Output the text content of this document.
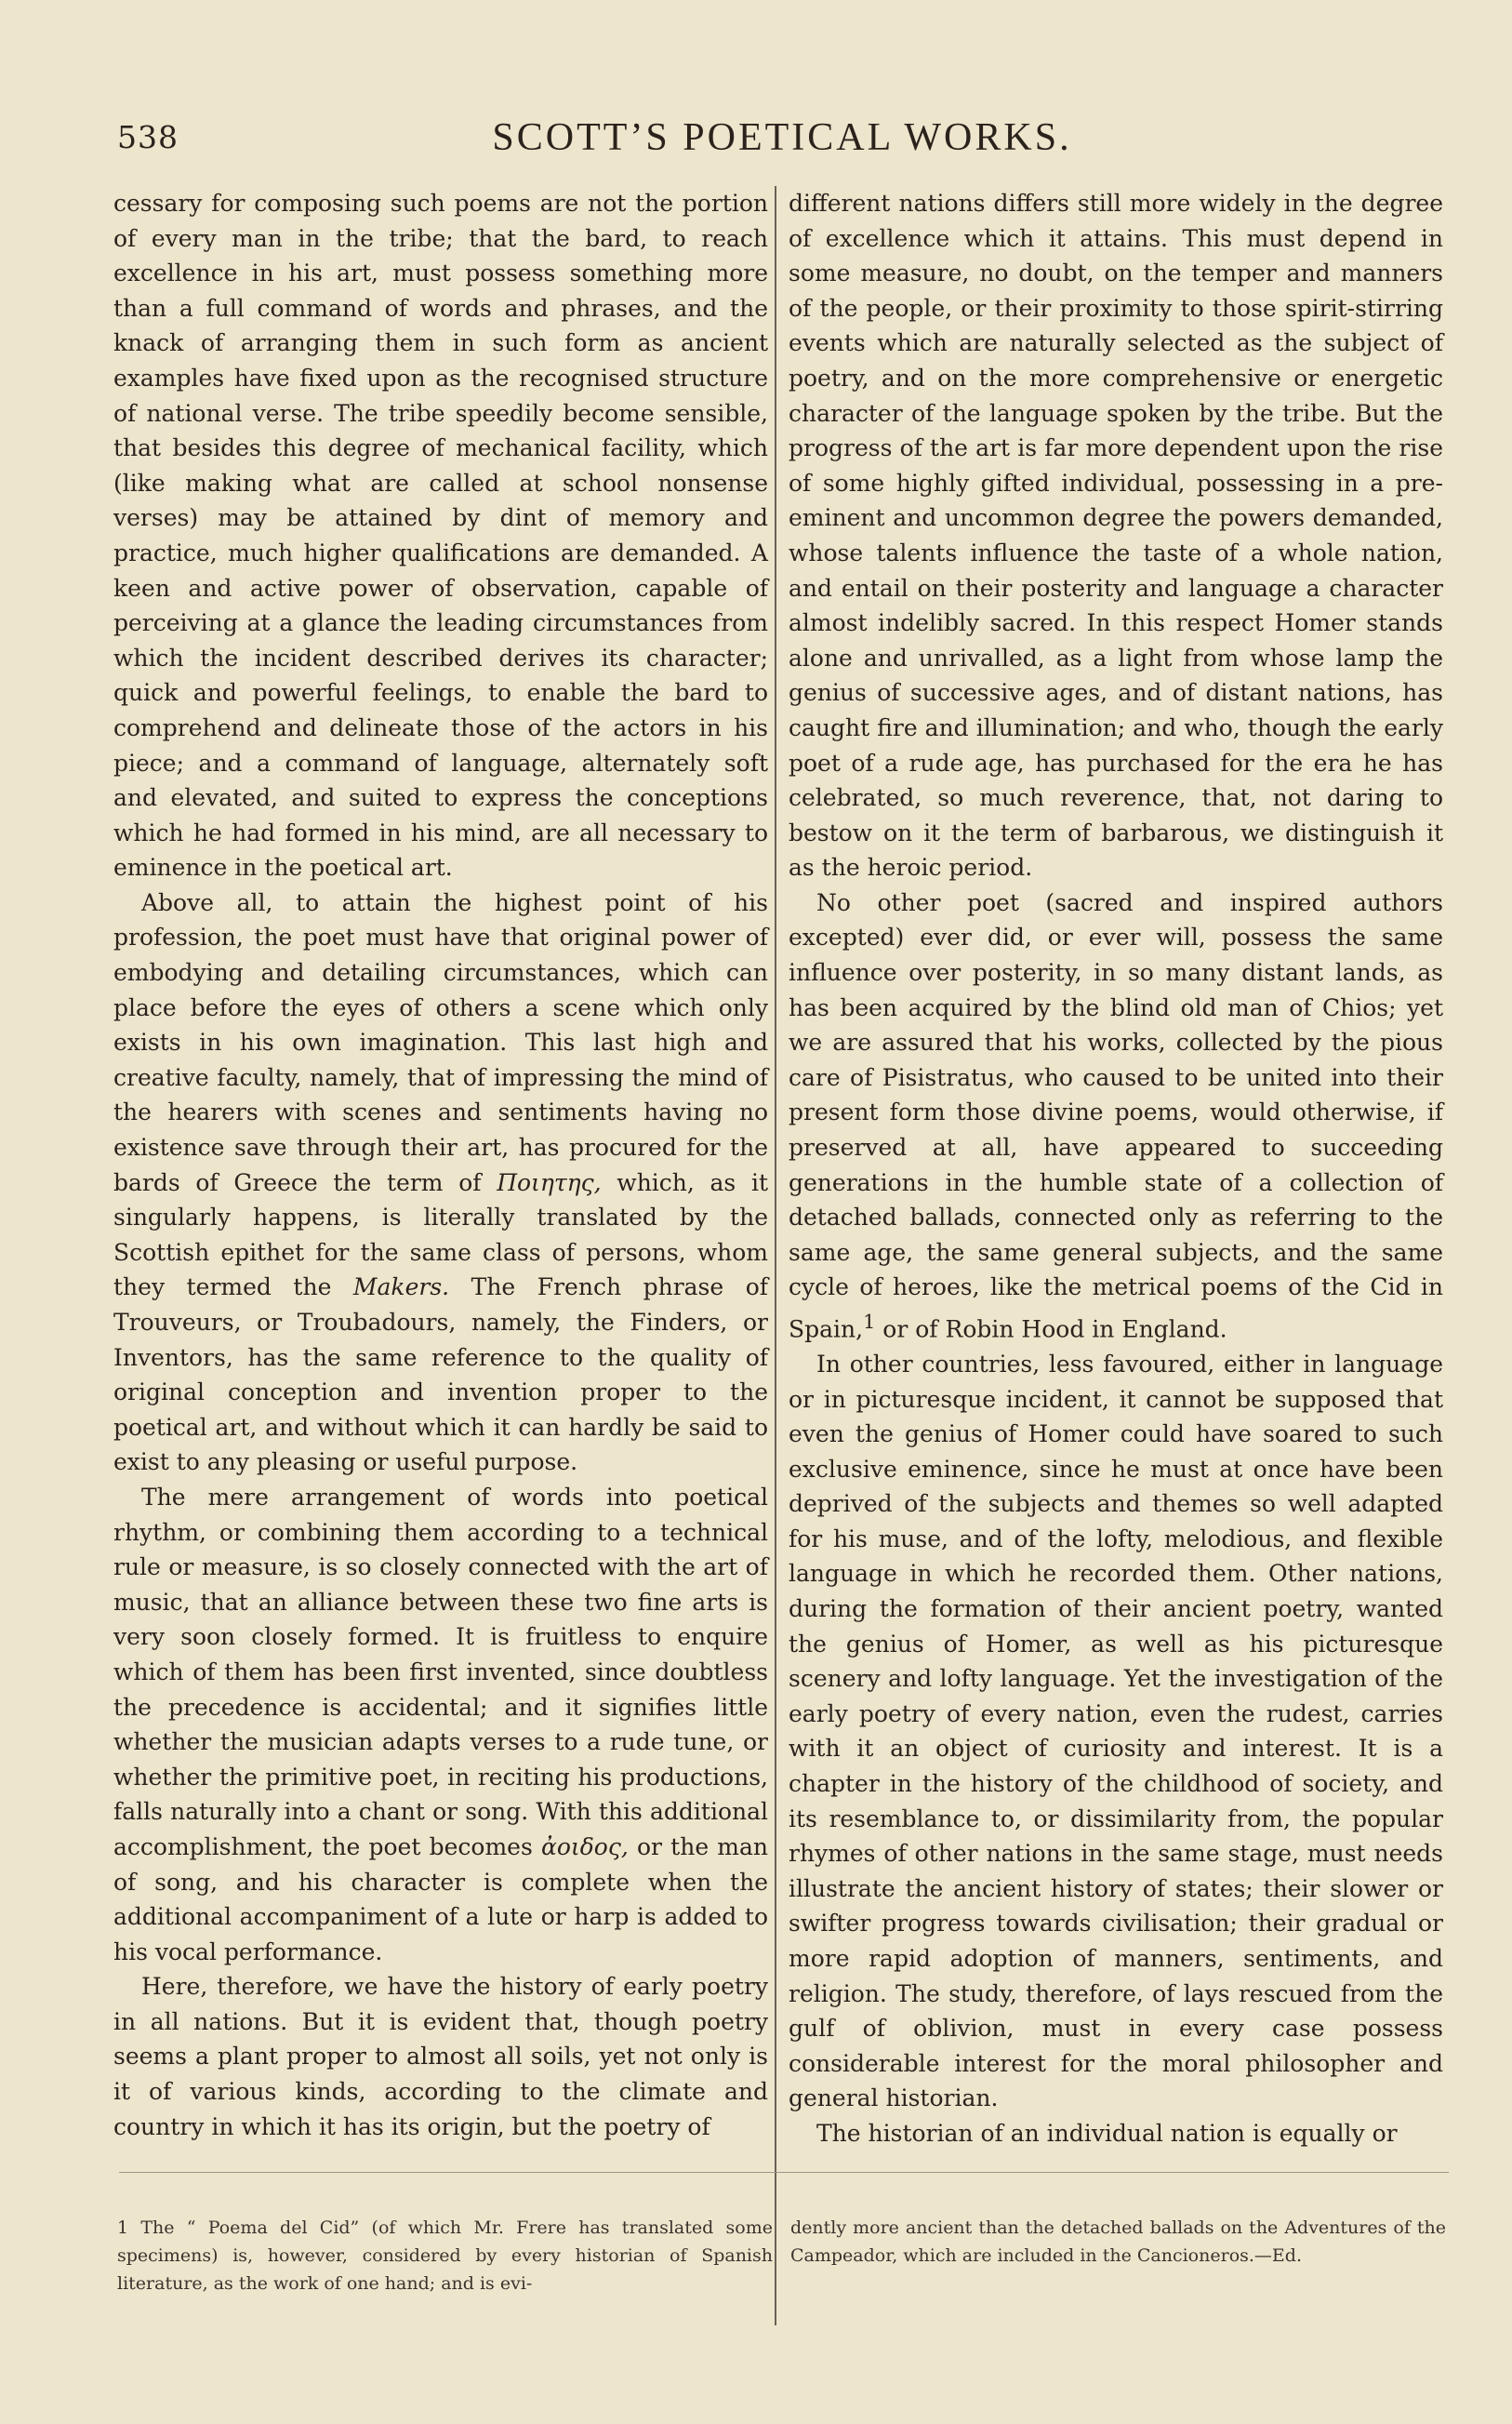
538	SCOTT’S POETICAL WORKS.

cessary for composing such poems are not the portion of every man in the tribe; that the bard, to reach excellence in his art, must possess something more than a full command of words and phrases, and the knack of arranging them in such form as ancient examples have fixed upon as the recognised structure of national verse. The tribe speedily become sensible, that besides this degree of mechanical facility, which (like making what are called at school nonsense verses) may be attained by dint of memory and practice, much higher qualifications are demanded. A keen and active power of observation, capable of perceiving at a glance the leading circumstances from which the incident described derives its character; quick and powerful feelings, to enable the bard to comprehend and delineate those of the actors in his piece; and a command of language, alternately soft and elevated, and suited to express the conceptions which he had formed in his mind, are all necessary to eminence in the poetical art.

Above all, to attain the highest point of his profession, the poet must have that original power of embodying and detailing circumstances, which can place before the eyes of others a scene which only exists in his own imagination. This last high and creative faculty, namely, that of impressing the mind of the hearers with scenes and sentiments having no existence save through their art, has procured for the bards of Greece the term of Ποιητης, which, as it singularly happens, is literally translated by the Scottish epithet for the same class of persons, whom they termed the Makers. The French phrase of Trouveurs, or Troubadours, namely, the Finders, or Inventors, has the same reference to the quality of original conception and invention proper to the poetical art, and without which it can hardly be said to exist to any pleasing or useful purpose.

The mere arrangement of words into poetical rhythm, or combining them according to a technical rule or measure, is so closely connected with the art of music, that an alliance between these two fine arts is very soon closely formed. It is fruitless to enquire which of them has been first invented, since doubtless the precedence is accidental; and it signifies little whether the musician adapts verses to a rude tune, or whether the primitive poet, in reciting his productions, falls naturally into a chant or song. With this additional accomplishment, the poet becomes ἀοιδος, or the man of song, and his character is complete when the additional accompaniment of a lute or harp is added to his vocal performance.

Here, therefore, we have the history of early poetry in all nations. But it is evident that, though poetry seems a plant proper to almost all soils, yet not only is it of various kinds, according to the climate and country in which it has its origin, but the poetry of

different nations differs still more widely in the degree of excellence which it attains. This must depend in some measure, no doubt, on the temper and manners of the people, or their proximity to those spirit-stirring events which are naturally selected as the subject of poetry, and on the more comprehensive or energetic character of the language spoken by the tribe. But the progress of the art is far more dependent upon the rise of some highly gifted individual, possessing in a pre-eminent and uncommon degree the powers demanded, whose talents influence the taste of a whole nation, and entail on their posterity and language a character almost indelibly sacred. In this respect Homer stands alone and unrivalled, as a light from whose lamp the genius of successive ages, and of distant nations, has caught fire and illumination; and who, though the early poet of a rude age, has purchased for the era he has celebrated, so much reverence, that, not daring to bestow on it the term of barbarous, we distinguish it as the heroic period.

No other poet (sacred and inspired authors excepted) ever did, or ever will, possess the same influence over posterity, in so many distant lands, as has been acquired by the blind old man of Chios; yet we are assured that his works, collected by the pious care of Pisistratus, who caused to be united into their present form those divine poems, would otherwise, if preserved at all, have appeared to succeeding generations in the humble state of a collection of detached ballads, connected only as referring to the same age, the same general subjects, and the same cycle of heroes, like the metrical poems of the Cid in Spain,$^1$ or of Robin Hood in England.

In other countries, less favoured, either in language or in picturesque incident, it cannot be supposed that even the genius of Homer could have soared to such exclusive eminence, since he must at once have been deprived of the subjects and themes so well adapted for his muse, and of the lofty, melodious, and flexible language in which he recorded them. Other nations, during the formation of their ancient poetry, wanted the genius of Homer, as well as his picturesque scenery and lofty language. Yet the investigation of the early poetry of every nation, even the rudest, carries with it an object of curiosity and interest. It is a chapter in the history of the childhood of society, and its resemblance to, or dissimilarity from, the popular rhymes of other nations in the same stage, must needs illustrate the ancient history of states; their slower or swifter progress towards civilisation; their gradual or more rapid adoption of manners, sentiments, and religion. The study, therefore, of lays rescued from the gulf of oblivion, must in every case possess considerable interest for the moral philosopher and general historian.

The historian of an individual nation is equally or

1 The “ Poema del Cid” (of which Mr. Frere has translated some specimens) is, however, considered by every historian of Spanish literature, as the work of one hand; and is evi-

dently more ancient than the detached ballads on the Adventures of the Campeador, which are included in the Cancioneros.—Ed.
